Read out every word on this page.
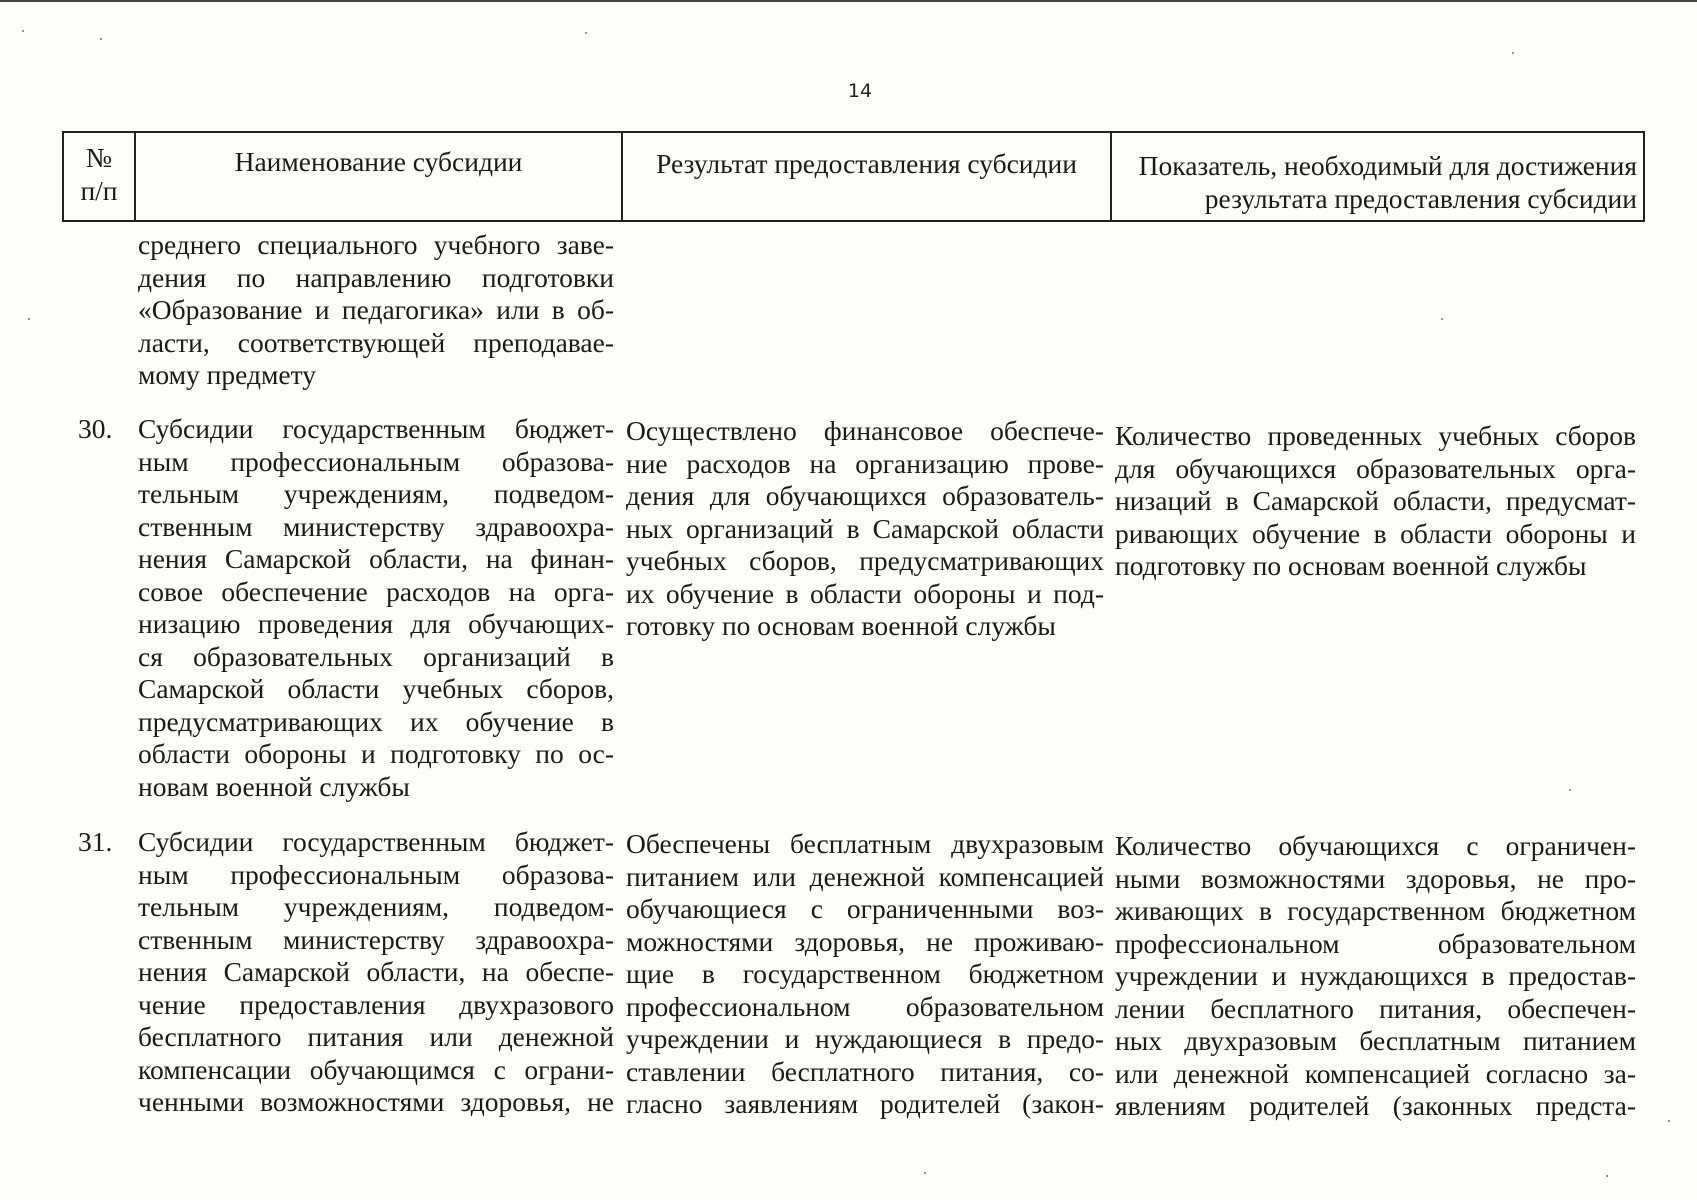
14
№
п/п
Наименование субсидии	Результат предоставления субсидии	Показатель, необходимый для достижения
результата предоставления субсидии
среднего специального учебного заве-
дения по направлению подготовки
«Образование и педагогика» или в об-
ласти, соответствующей преподавае-
мому предмету
30. Субсидии государственным бюджет-
ным профессиональным образова-
тельным учреждениям, подведом-
ственным министерству здравоохра-
нения Самарской области, на финан-
совое обеспечение расходов на орга-
низацию проведения для обучающих-
ся образовательных организаций в
Самарской области учебных сборов,
предусматривающих их обучение в
области обороны и подготовку по ос-
новам военной службы
Осуществлено финансовое обеспече-
ние расходов на организацию прове-
дения для обучающихся образователь-
ных организаций в Самарской области
учебных сборов, предусматривающих
их обучение в области обороны и под-
готовку по основам военной службы
Количество проведенных учебных сборов
для обучающихся образовательных орга-
низаций в Самарской области, предусмат-
ривающих обучение в области обороны и
подготовку по основам военной службы
31. Субсидии государственным бюджет-
ным профессиональным образова-
тельным учреждениям, подведом-
ственным министерству здравоохра-
нения Самарской области, на обеспе-
чение предоставления двухразового
бесплатного питания или денежной
компенсации обучающимся с ограни-
ченными возможностями здоровья, не
Обеспечены бесплатным двухразовым
питанием или денежной компенсацией
обучающиеся с ограниченными воз-
можностями здоровья, не проживаю-
щие в государственном бюджетном
профессиональном образовательном
учреждении и нуждающиеся в предо-
ставлении бесплатного питания, со-
гласно заявлениям родителей (закон-
Количество обучающихся с ограничен-
ными возможностями здоровья, не про-
живающих в государственном бюджетном
профессиональном образовательном
учреждении и нуждающихся в предостав-
лении бесплатного питания, обеспечен-
ных двухразовым бесплатным питанием
или денежной компенсацией согласно за-
явлениям родителей (законных предста-
